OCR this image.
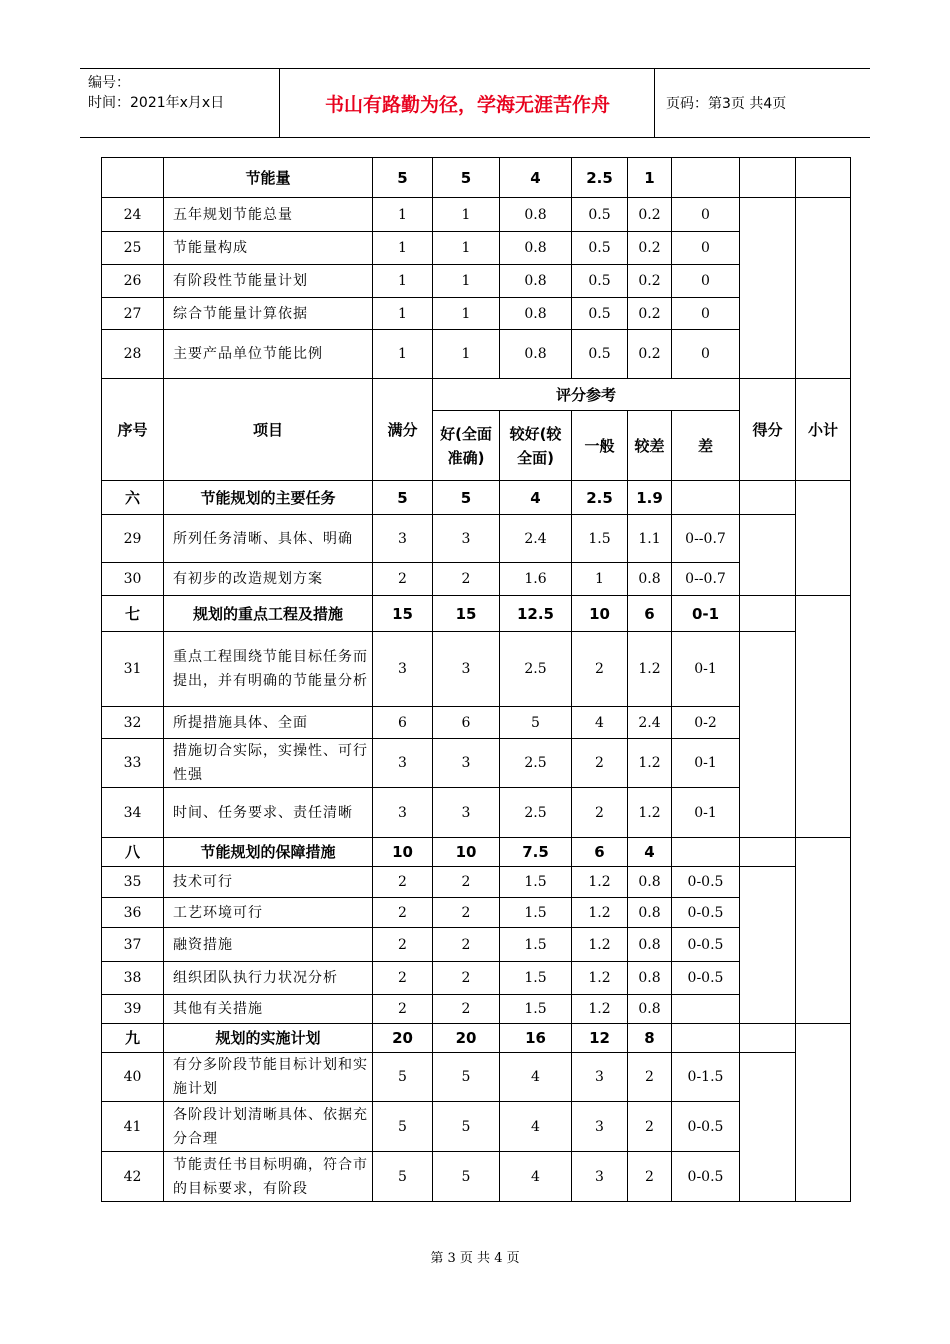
编号：
时间：2021年x月x日	书山有路勤为径，学海无涯苦作舟	页码：第3页 共4页
	节能量	5	5	4	2.5	1			
24	五年规划节能总量	1	1	0.8	0.5	0.2	0		
25	节能量构成	1	1	0.8	0.5	0.2	0		
26	有阶段性节能量计划	1	1	0.8	0.5	0.2	0		
27	综合节能量计算依据	1	1	0.8	0.5	0.2	0		
28	主要产品单位节能比例	1	1	0.8	0.5	0.2	0		
序号	项目	满分	评分参考					得分	小计
			好(全面准确)	较好(较全面)	一般	较差	差		
六	节能规划的主要任务	5	5	4	2.5	1.9			
29	所列任务清晰、具体、明确	3	3	2.4	1.5	1.1	0--0.7		
30	有初步的改造规划方案	2	2	1.6	1	0.8	0--0.7		
七	规划的重点工程及措施	15	15	12.5	10	6	0-1		
31	重点工程围绕节能目标任务而提出，并有明确的节能量分析	3	3	2.5	2	1.2	0-1		
32	所提措施具体、全面	6	6	5	4	2.4	0-2		
33	措施切合实际，实操性、可行性强	3	3	2.5	2	1.2	0-1		
34	时间、任务要求、责任清晰	3	3	2.5	2	1.2	0-1		
八	节能规划的保障措施	10	10	7.5	6	4			
35	技术可行	2	2	1.5	1.2	0.8	0-0.5		
36	工艺环境可行	2	2	1.5	1.2	0.8	0-0.5		
37	融资措施	2	2	1.5	1.2	0.8	0-0.5		
38	组织团队执行力状况分析	2	2	1.5	1.2	0.8	0-0.5		
39	其他有关措施	2	2	1.5	1.2	0.8			
九	规划的实施计划	20	20	16	12	8			
40	有分多阶段节能目标计划和实施计划	5	5	4	3	2	0-1.5		
41	各阶段计划清晰具体、依据充分合理	5	5	4	3	2	0-0.5		
42	节能责任书目标明确，符合市的目标要求，有阶段	5	5	4	3	2	0-0.5		
第 3 页 共 4 页
